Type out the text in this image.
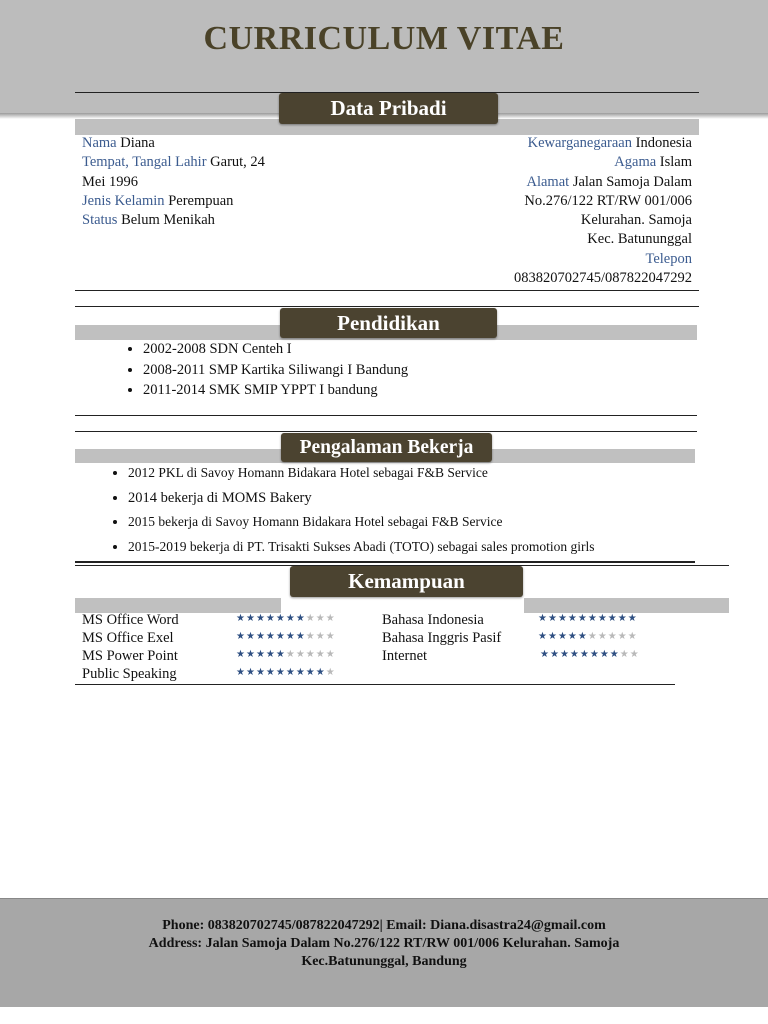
CURRICULUM VITAE
Data Pribadi
Nama Diana
Tempat, Tangal Lahir Garut, 24
Mei 1996
Jenis Kelamin Perempuan
Status Belum Menikah
Kewarganegaraan Indonesia
Agama Islam
Alamat Jalan Samoja Dalam
No.276/122 RT/RW 001/006
Kelurahan. Samoja
Kec. Batununggal
Telepon
083820702745/087822047292
Pendidikan
• 2002-2008 SDN Centeh I
• 2008-2011 SMP Kartika Siliwangi I Bandung
• 2011-2014 SMK SMIP YPPT I bandung
Pengalaman Bekerja
• 2012 PKL di Savoy Homann Bidakara Hotel sebagai F&B Service
• 2014 bekerja di MOMS Bakery
• 2015 bekerja di Savoy Homann Bidakara Hotel sebagai F&B Service
• 2015-2019 bekerja di PT. Trisakti Sukses Abadi (TOTO) sebagai sales promotion girls
Kemampuan
MS Office Word
MS Office Exel
MS Power Point
Public Speaking
★★★★★★★★★★
★★★★★★★★★★
★★★★★★★★★★
★★★★★★★★★★
Bahasa Indonesia
Bahasa Inggris Pasif
Internet
★★★★★★★★★★
★★★★★★★★★★
★★★★★★★★★★
Phone: 083820702745/087822047292| Email: Diana.disastra24@gmail.com
Address: Jalan Samoja Dalam No.276/122 RT/RW 001/006 Kelurahan. Samoja
Kec.Batununggal, Bandung
